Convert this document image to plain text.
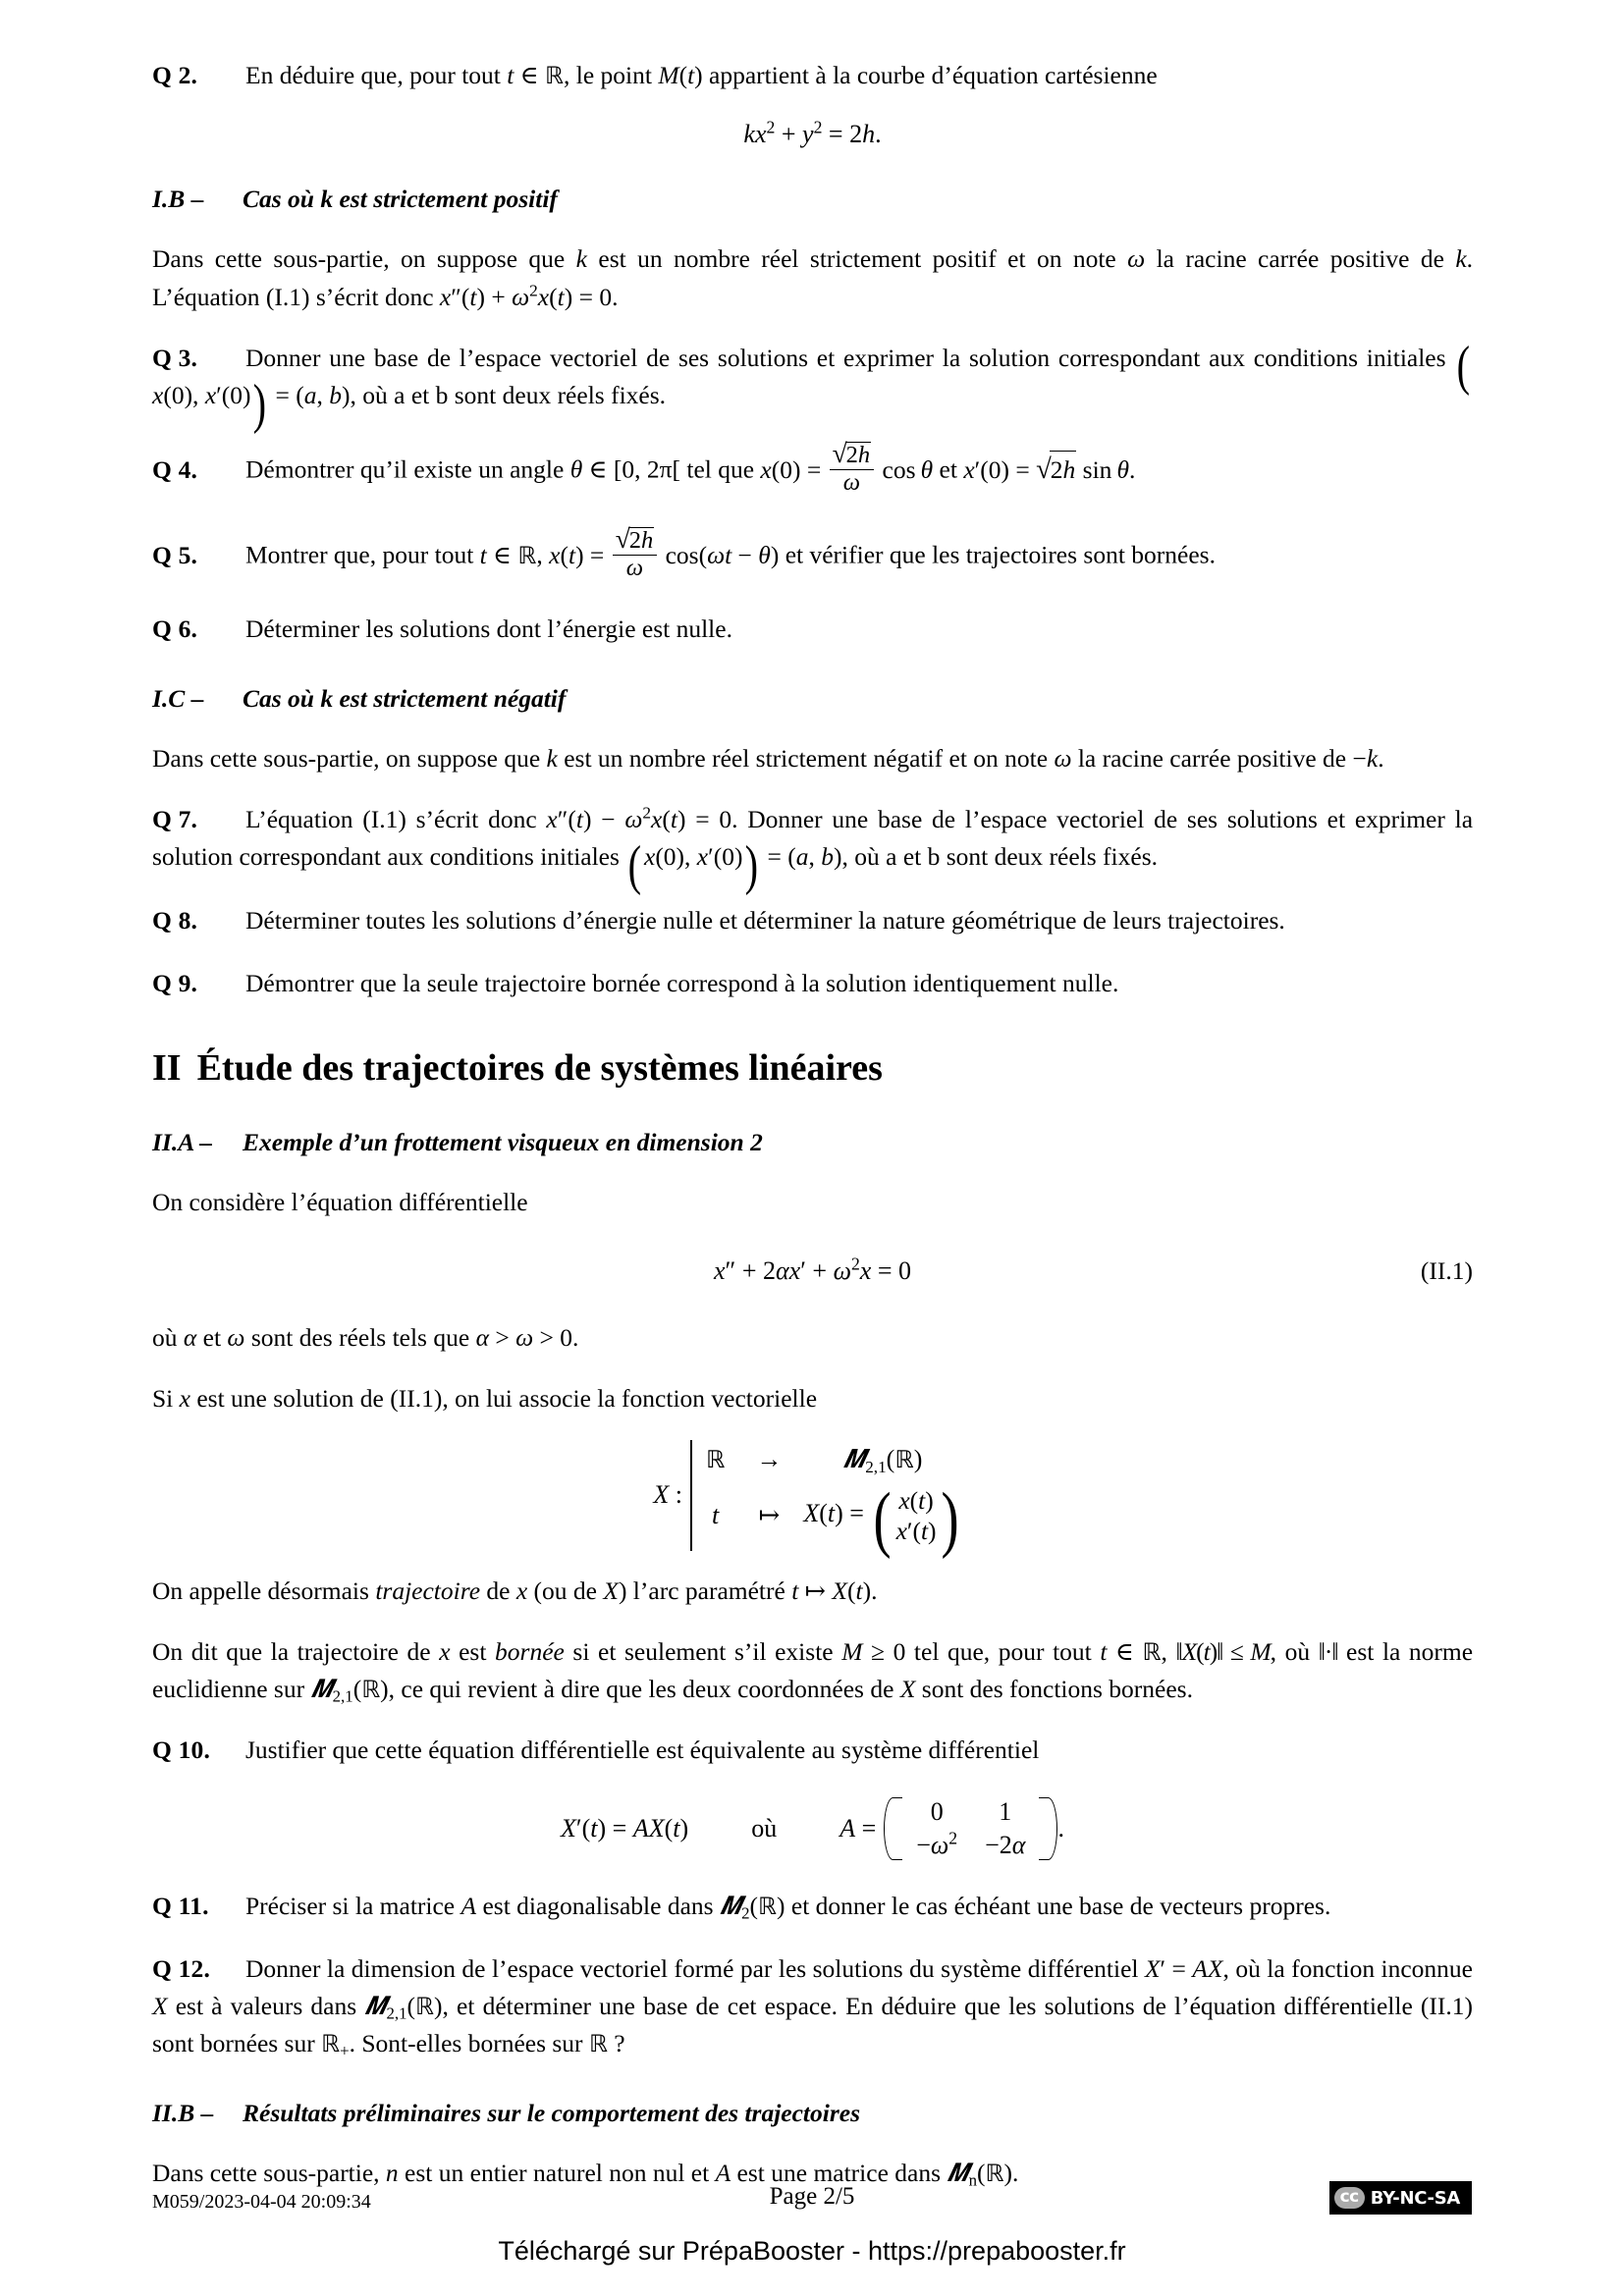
Q 2. En déduire que, pour tout t ∈ ℝ, le point M(t) appartient à la courbe d’équation cartésienne
$kx^2 + y^2 = 2h$.
I.B – Cas où k est strictement positif
Dans cette sous-partie, on suppose que k est un nombre réel strictement positif et on note ω la racine carrée positive de k. L’équation (I.1) s’écrit donc $x''(t) + \omega^2x(t) = 0$.
Q 3. Donner une base de l’espace vectoriel de ses solutions et exprimer la solution correspondant aux conditions initiales (x(0), x′(0)) = (a, b), où a et b sont deux réels fixés.
Q 4. Démontrer qu’il existe un angle θ ∈ [0, 2π[ tel que $x(0) = \frac{√2h}{\omega}$ cos θ et x′(0) = √2h sin θ.
Q 5. Montrer que, pour tout t ∈ ℝ, $x(t) = \frac{√2h}{\omega} \cos(\omega t - \theta)$ et vérifier que les trajectoires sont bornées.
Q 6. Déterminer les solutions dont l’énergie est nulle.
I.C – Cas où k est strictement négatif
Dans cette sous-partie, on suppose que k est un nombre réel strictement négatif et on note ω la racine carrée positive de −k.
Q 7. L’équation (I.1) s’écrit donc $x''(t) - \omega^2x(t) = 0$. Donner une base de l’espace vectoriel de ses solutions et exprimer la solution correspondant aux conditions initiales ( x(0), x′(0)) = (a, b), où a et b sont deux réels fixés.
Q 8. Déterminer toutes les solutions d’énergie nulle et déterminer la nature géométrique de leurs trajectoires.
Q 9. Démontrer que la seule trajectoire bornée correspond à la solution identiquement nulle.
II Étude des trajectoires de systèmes linéaires
II.A – Exemple d’un frottement visqueux en dimension 2
On considère l’équation différentielle
$x'' + 2\alpha x' + \omega^2x = 0$	(II.1)
où α et ω sont des réels tels que α > ω > 0.
Si x est une solution de (II.1), on lui associe la fonction vectorielle
X :
ℝ	→	𝑴$_{2,1}$(ℝ)
t	↦	X(t) = ( x(t)
x′(t) )
On appelle désormais trajectoire de x (ou de X) l’arc paramétré t ↦ X(t).
On dit que la trajectoire de x est bornée si et seulement s’il existe M ≥ 0 tel que, pour tout t ∈ ℝ, ‖X(t)‖ ≤ M, où ‖·‖ est la norme euclidienne sur 𝑴$_{2,1}$(ℝ), ce qui revient à dire que les deux coordonnées de X sont des fonctions bornées.
Q 10. Justifier que cette équation différentielle est équivalente au système différentiel
X′(t) = AX(t) où A =
0	1
$-\omega^2$	−2α
.
Q 11. Préciser si la matrice A est diagonalisable dans 𝑴$_2$(ℝ) et donner le cas échéant une base de vecteurs propres.
Q 12. Donner la dimension de l’espace vectoriel formé par les solutions du système différentiel X′ = AX, où la fonction inconnue X est à valeurs dans 𝑴$_{2,1}$(ℝ), et déterminer une base de cet espace. En déduire que les solutions de l’équation différentielle (II.1) sont bornées sur ℝ$_+$. Sont-elles bornées sur ℝ ?
II.B – Résultats préliminaires sur le comportement des trajectoires
Dans cette sous-partie, n est un entier naturel non nul et A est une matrice dans 𝑴$_n$(ℝ).
M059/2023-04-04 20:09:34	Page 2/5	cc BY-NC-SA
Téléchargé sur PrépaBooster - https://prepabooster.fr
